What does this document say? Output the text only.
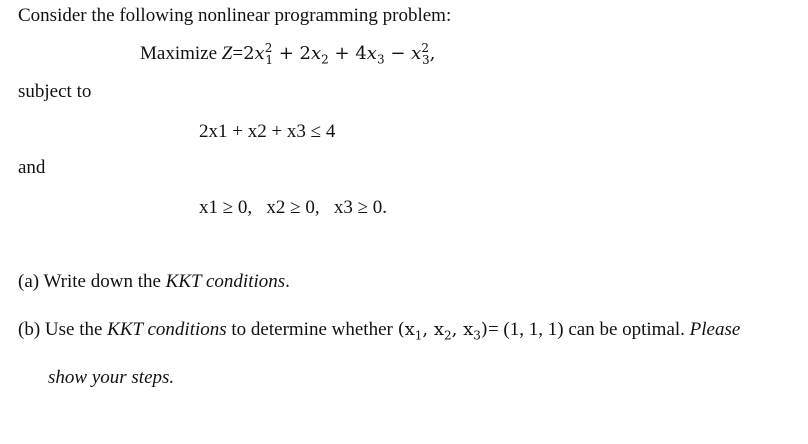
Consider the following nonlinear programming problem:
Maximize $Z=2x^2_1 + 2x_2 + 4x_3 - x^2_3$,
subject to
2x1 + x2 + x3 ≤ 4
and
x1 ≥ 0,   x2 ≥ 0,   x3 ≥ 0.
(a) Write down the KKT conditions.
(b) Use the KKT conditions to determine whether ($x_1$, $x_2$, $x_3)= (1$, 1, 1) can be optimal. Please
show your steps.
